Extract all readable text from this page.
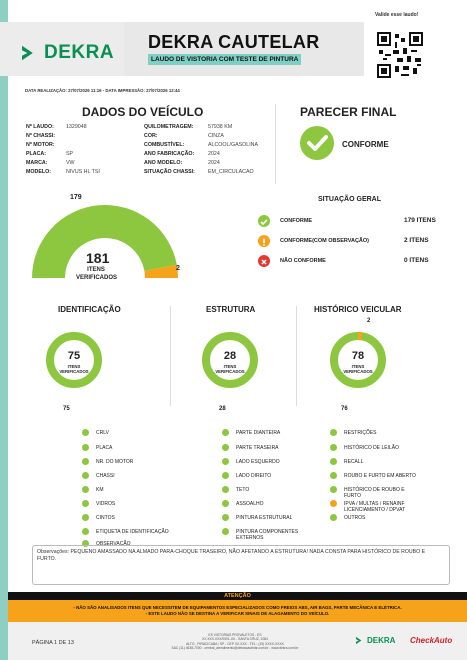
DEKRA DEKRA CAUTELAR
LAUDO DE VISTORIA COM TESTE DE PINTURA
Valide esse laudo!
DATA REALIZAÇÃO: 27/07/2026 11:16 - DATA IMPRESSÃO: 27/07/2026 12:44
DADOS DO VEÍCULO
Nº LAUDO: 1329048
Nº CHASSI:
Nº MOTOR:
PLACA:	SP
MARCA:	VW
MODELO:	NIVUS HL TSI
QUILOMETRAGEM:	57938 KM
COR:	CINZA
COMBUSTÍVEL:	ALCOOL/GASOLINA
ANO FABRICAÇÃO:	2024
ANO MODELO:	2024
SITUAÇÃO CHASSI: EM_CIRCULACAO
PARECER FINAL
CONFORME
179
2
181
ITENS VERIFICADOS
SITUAÇÃO GERAL
CONFORME	179 ITENS
CONFORME(COM OBSERVAÇÃO)	2 ITENS
NÃO CONFORME	0 ITENS
IDENTIFICAÇÃO	ESTRUTURA	HISTÓRICO VEICULAR
75
ITENS VERIFICADOS
75
28
ITENS VERIFICADOS
28
78
ITENS VERIFICADOS
76
2
CRLV
PLACA
NR. DO MOTOR
CHASSI
KM
VIDROS
CINTOS
ETIQUETA DE IDENTIFICAÇÃO
OBSERVAÇÃO
PARTE DIANTEIRA
PARTE TRASEIRA
LADO ESQUERDO
LADO DIREITO
TETO
ASSOALHO
PINTURA ESTRUTURAL
PINTURA COMPONENTES EXTERNOS
RESTRIÇÕES
HISTÓRICO DE LEILÃO
RECALL
ROUBO E FURTO EM ABERTO
HISTÓRICO DE ROUBO E FURTO
IPVA / MULTAS / RENAINF LICENCIAMENTO / DPVAT
OUTROS
Observações: PEQUENO AMASSADO NA ALMADO PARA-CHOQUE TRASEIRO, NÃO AFETANDO A ESTRUTURA! NADA CONSTA PARA HISTÓRICO DE ROUBO E FURTO.
ATENÇÃO
- NÃO SÃO ANALISADOS ITENS QUE NECESSITEM DE EQUIPAMENTOS ESPECIALIZADOS COMO FREIOS ABS, AIR BAGS, PARTE MECÂNICA E ELÉTRICA.
- ESTE LAUDO NÃO SE DESTINA A VERIFICAR SINAIS DE ALAGAMENTO DO VEÍCULO.
PÁGINA 1 DE 13
ES VISTORIAS PROVALETOS - ES
XX.XXX.XXX/0001-XX - SANTA CRUZ, 1084
ALTO - PIRACICABA / SP - CEP XX.XXX - TEL.: (19) XXXX-XXXX
SAC (11) 4638-7000 - central_atendimento@dekracautelar.com.br - www.dekra.com.br
DEKRA CheckAuto
